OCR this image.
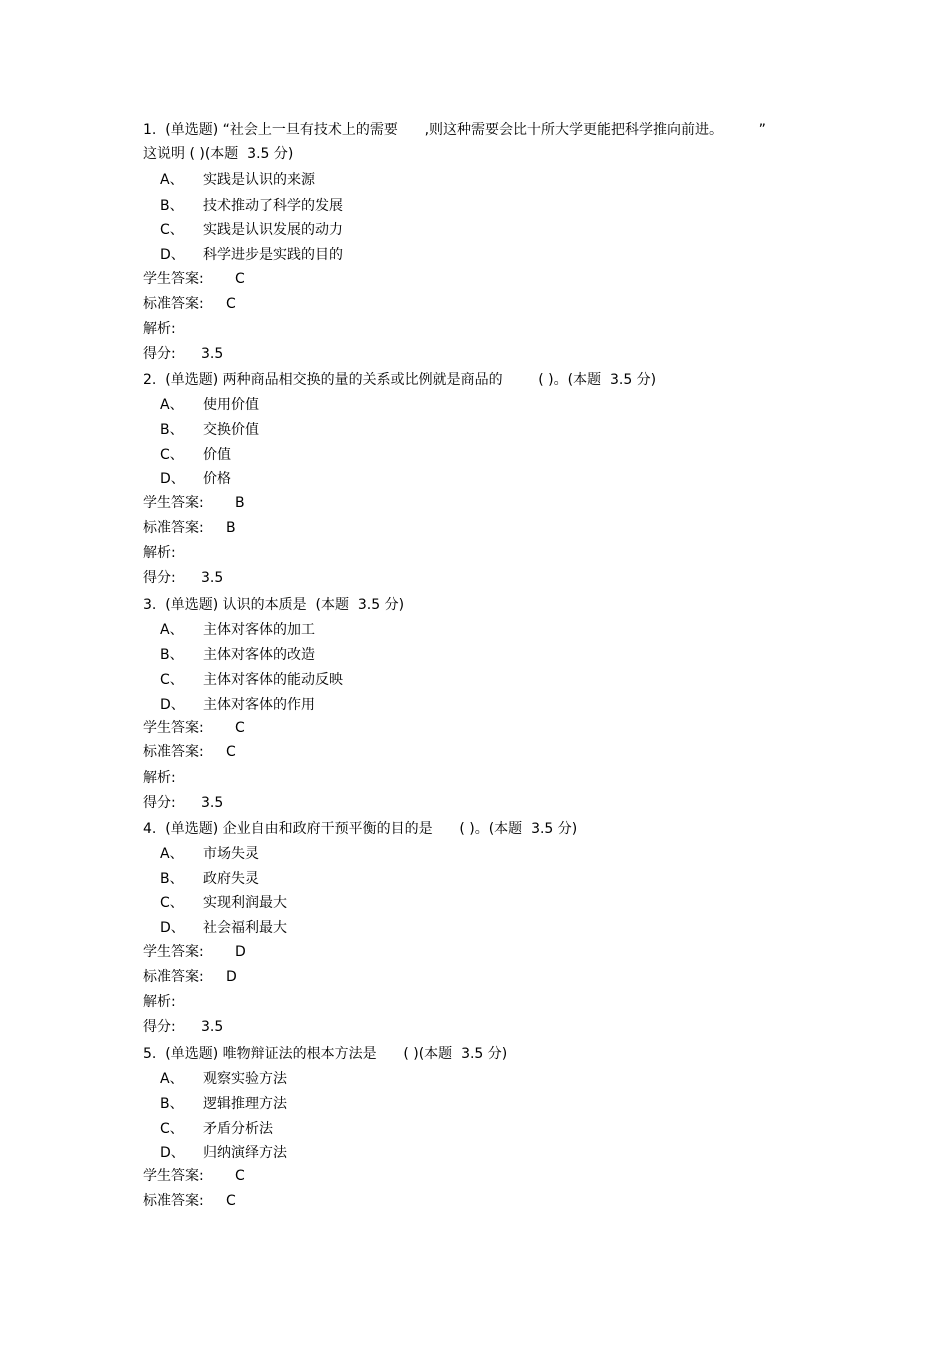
1.  (单选题) “社会上一旦有技术上的需要      ,则这种需要会比十所大学更能把科学推向前进。        ”
这说明 ( )(本题  3.5 分)
A、 实践是认识的来源
B、 技术推动了科学的发展
C、 实践是认识发展的动力
D、 科学进步是实践的目的
学生答案: C
标准答案: C
解析:
得分: 3.5
2.  (单选题) 两种商品相交换的量的关系或比例就是商品的        ( )。(本题  3.5 分)
A、 使用价值
B、 交换价值
C、 价值
D、 价格
学生答案: B
标准答案: B
解析:
得分: 3.5
3.  (单选题) 认识的本质是  (本题  3.5 分)
A、 主体对客体的加工
B、 主体对客体的改造
C、 主体对客体的能动反映
D、 主体对客体的作用
学生答案: C
标准答案: C
解析:
得分: 3.5
4.  (单选题) 企业自由和政府干预平衡的目的是      ( )。(本题  3.5 分)
A、 市场失灵
B、 政府失灵
C、 实现利润最大
D、 社会福利最大
学生答案: D
标准答案: D
解析:
得分: 3.5
5.  (单选题) 唯物辩证法的根本方法是      ( )(本题  3.5 分)
A、 观察实验方法
B、 逻辑推理方法
C、 矛盾分析法
D、 归纳演绎方法
学生答案: C
标准答案: C
